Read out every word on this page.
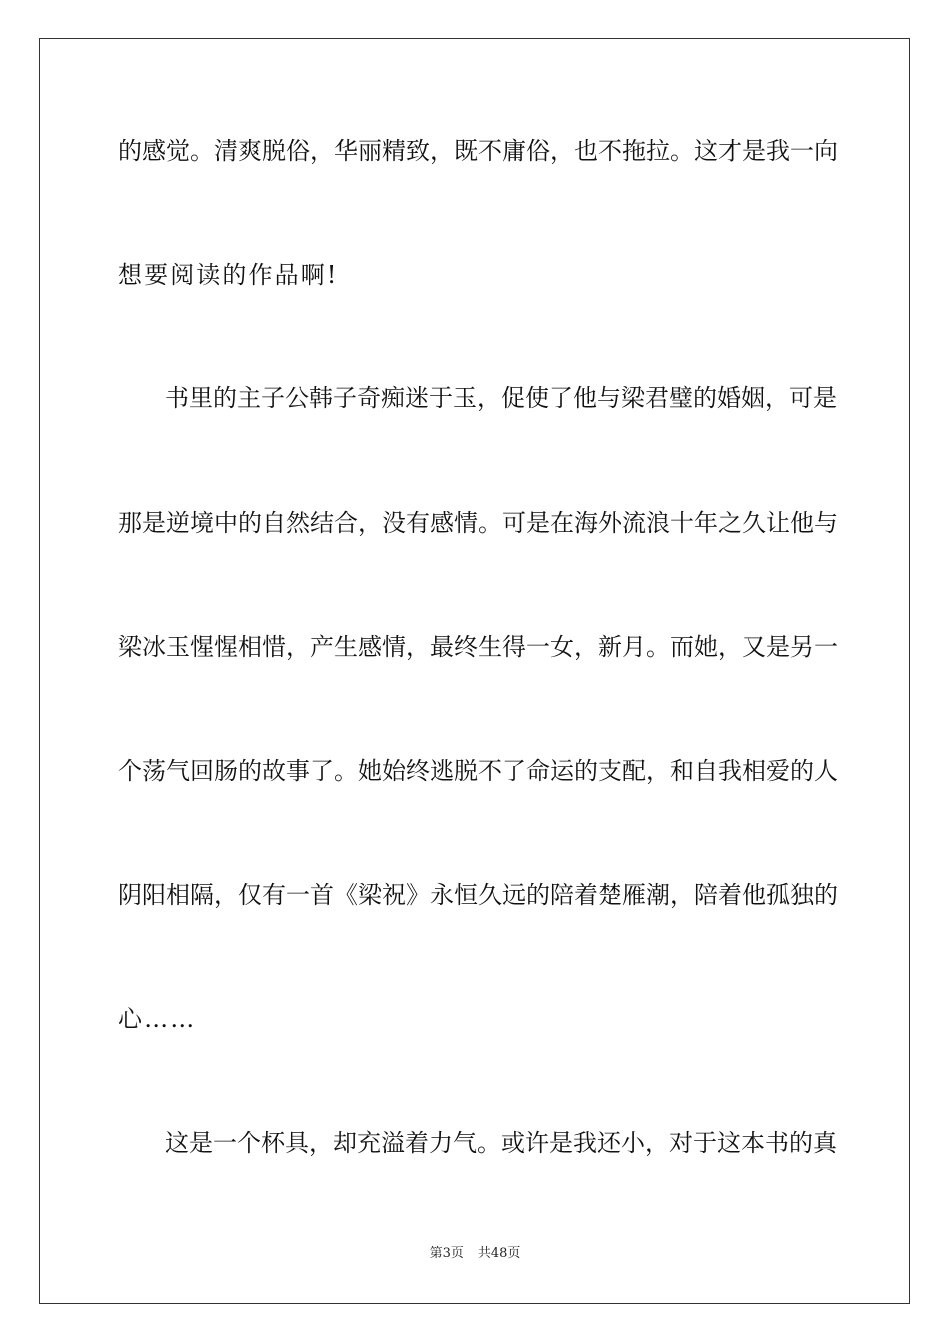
的感觉。清爽脱俗，华丽精致，既不庸俗，也不拖拉。这才是我一向
想要阅读的作品啊!
书里的主子公韩子奇痴迷于玉，促使了他与梁君璧的婚姻，可是
那是逆境中的自然结合，没有感情。可是在海外流浪十年之久让他与
梁冰玉惺惺相惜，产生感情，最终生得一女，新月。而她，又是另一
个荡气回肠的故事了。她始终逃脱不了命运的支配，和自我相爱的人
阴阳相隔，仅有一首《梁祝》永恒久远的陪着楚雁潮，陪着他孤独的
心……
这是一个杯具，却充溢着力气。或许是我还小，对于这本书的真
第3页 共48页
